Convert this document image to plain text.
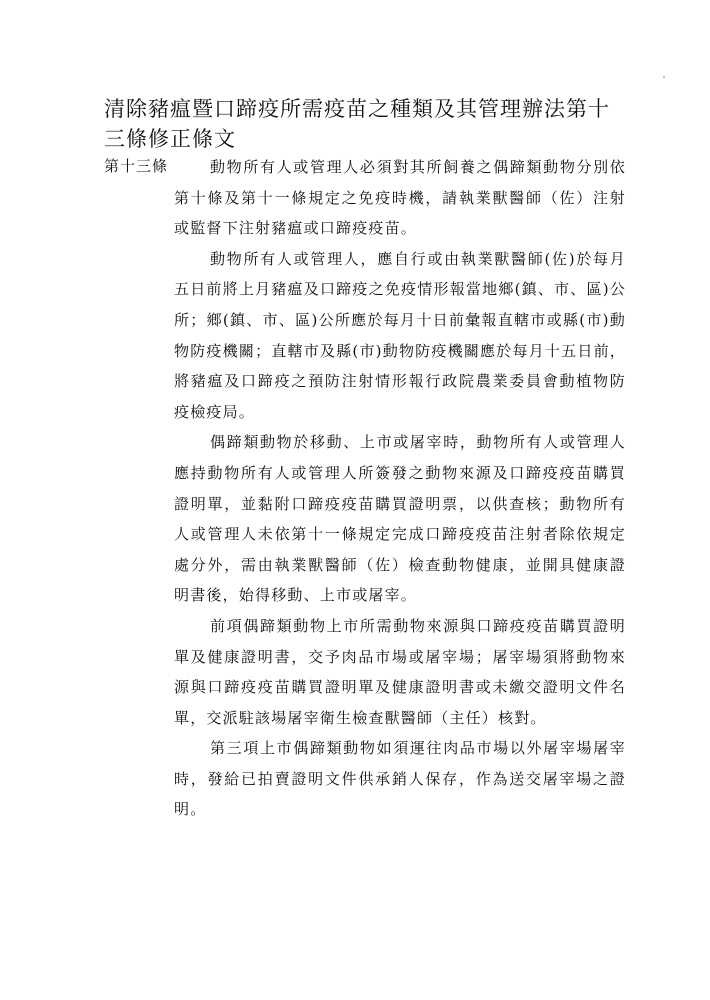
清除豬瘟暨口蹄疫所需疫苗之種類及其管理辦法第十三條修正條文
第十三條	動物所有人或管理人必須對其所飼養之偶蹄類動物分別依第十條及第十一條規定之免疫時機，請執業獸醫師（佐）注射或監督下注射豬瘟或口蹄疫疫苗。

動物所有人或管理人，應自行或由執業獸醫師(佐)於每月五日前將上月豬瘟及口蹄疫之免疫情形報當地鄉(鎮、市、區)公所；鄉(鎮、市、區)公所應於每月十日前彙報直轄市或縣(市)動物防疫機關；直轄市及縣(市)動物防疫機關應於每月十五日前，將豬瘟及口蹄疫之預防注射情形報行政院農業委員會動植物防疫檢疫局。

偶蹄類動物於移動、上市或屠宰時，動物所有人或管理人應持動物所有人或管理人所簽發之動物來源及口蹄疫疫苗購買證明單，並黏附口蹄疫疫苗購買證明票，以供查核；動物所有人或管理人未依第十一條規定完成口蹄疫疫苗注射者除依規定處分外，需由執業獸醫師（佐）檢查動物健康，並開具健康證明書後，始得移動、上市或屠宰。

前項偶蹄類動物上市所需動物來源與口蹄疫疫苗購買證明單及健康證明書，交予肉品市場或屠宰場；屠宰場須將動物來源與口蹄疫疫苗購買證明單及健康證明書或未繳交證明文件名單，交派駐該場屠宰衛生檢查獸醫師（主任）核對。

第三項上市偶蹄類動物如須運往肉品市場以外屠宰場屠宰時，發給已拍賣證明文件供承銷人保存，作為送交屠宰場之證明。
